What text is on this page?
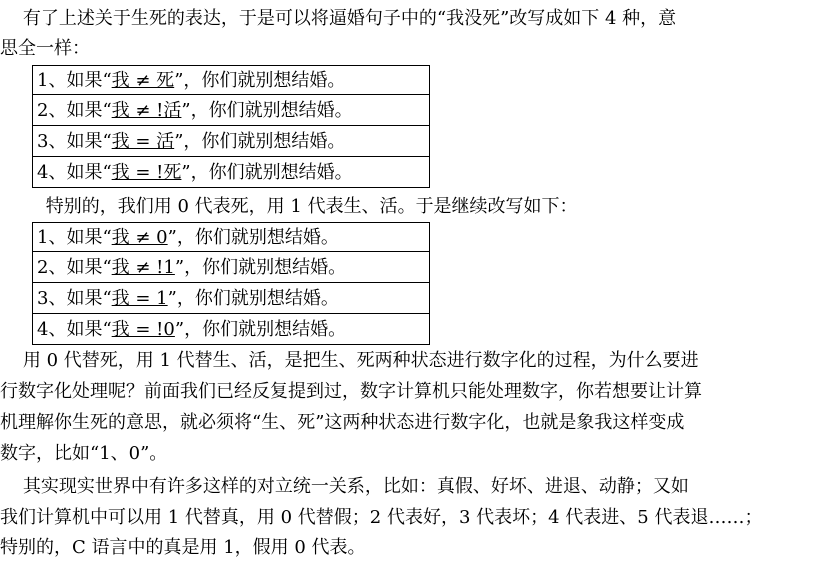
有了上述关于生死的表达，于是可以将逼婚句子中的“我没死”改写成如下 4 种，意
思全一样：
1、如果“我 ≠ 死”，你们就别想结婚。
2、如果“我 ≠ !活”，你们就别想结婚。
3、如果“我 = 活”，你们就别想结婚。
4、如果“我 = !死”，你们就别想结婚。
特别的，我们用 0 代表死，用 1 代表生、活。于是继续改写如下：
1、如果“我 ≠ 0”，你们就别想结婚。
2、如果“我 ≠ !1”，你们就别想结婚。
3、如果“我 = 1”，你们就别想结婚。
4、如果“我 = !0”，你们就别想结婚。
用 0 代替死，用 1 代替生、活，是把生、死两种状态进行数字化的过程，为什么要进
行数字化处理呢？前面我们已经反复提到过，数字计算机只能处理数字，你若想要让计算
机理解你生死的意思，就必须将“生、死”这两种状态进行数字化，也就是象我这样变成
数字，比如“1、0”。
其实现实世界中有许多这样的对立统一关系，比如：真假、好坏、进退、动静；又如
我们计算机中可以用 1 代替真，用 0 代替假；2 代表好，3 代表坏；4 代表进、5 代表退……；
特别的，C 语言中的真是用 1，假用 0 代表。
